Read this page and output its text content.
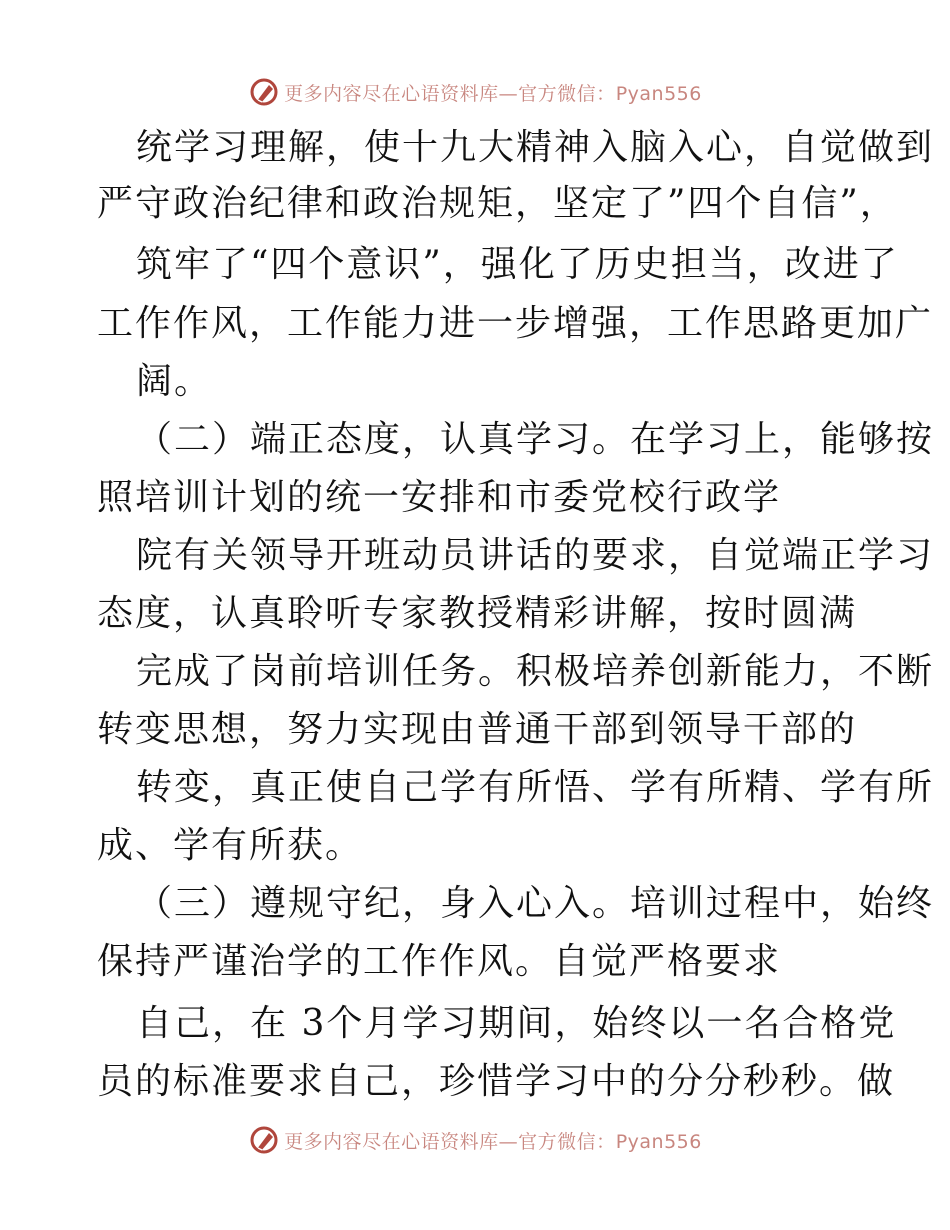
更多内容尽在心语资料库—官方微信：Pyan556
统学习理解，使十九大精神入脑入心，自觉做到
严守政治纪律和政治规矩，坚定了”四个自信”，
筑牢了“四个意识”，强化了历史担当，改进了
工作作风，工作能力进一步增强，工作思路更加广
阔。
（二）端正态度，认真学习。在学习上，能够按
照培训计划的统一安排和市委党校行政学
院有关领导开班动员讲话的要求，自觉端正学习
态度，认真聆听专家教授精彩讲解，按时圆满
完成了岗前培训任务。积极培养创新能力，不断
转变思想，努力实现由普通干部到领导干部的
转变，真正使自己学有所悟、学有所精、学有所
成、学有所获。
（三）遵规守纪，身入心入。培训过程中，始终
保持严谨治学的工作作风。自觉严格要求
自己，在 3个月学习期间，始终以一名合格党
员的标准要求自己，珍惜学习中的分分秒秒。做
更多内容尽在心语资料库—官方微信：Pyan556
